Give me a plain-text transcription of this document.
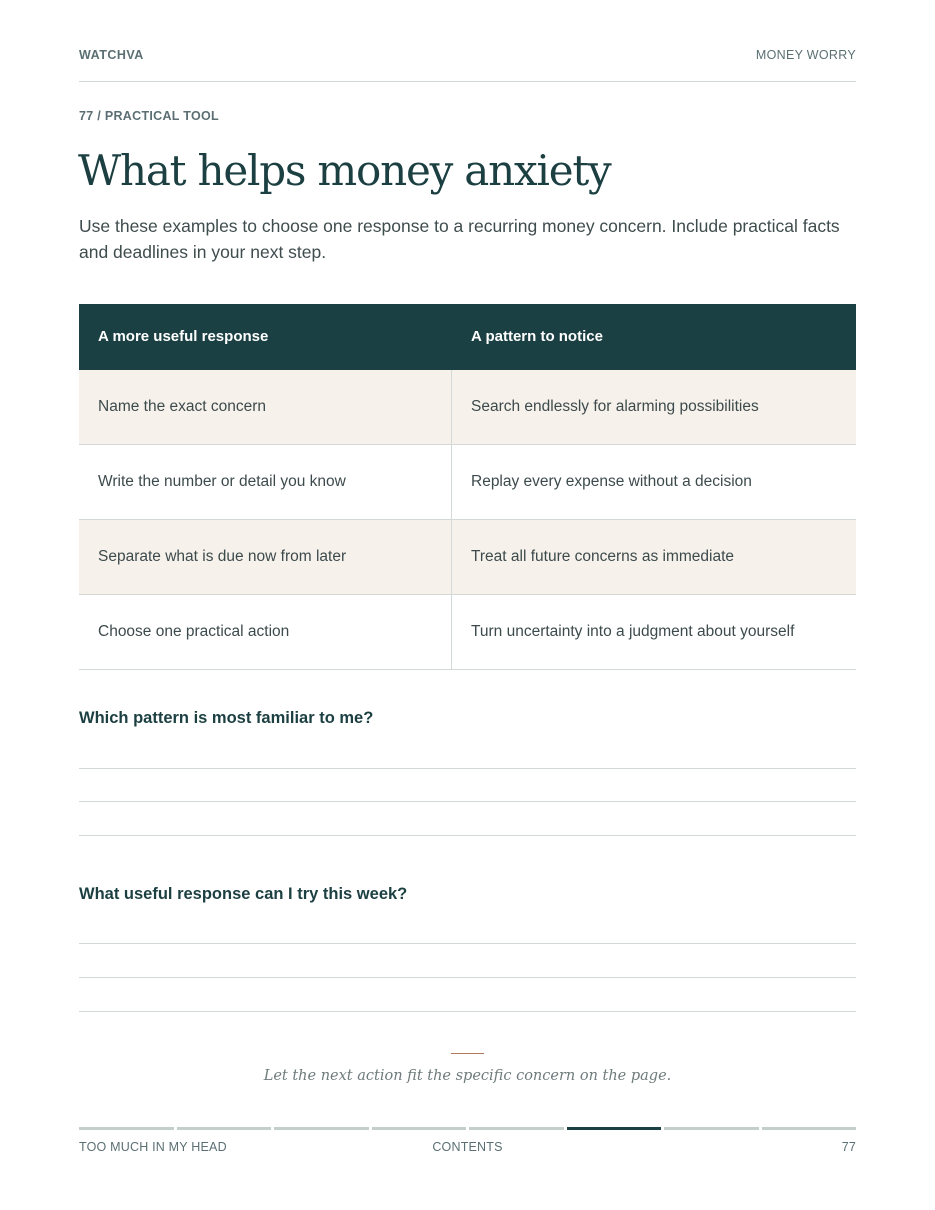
WATCHVA	MONEY WORRY
77 / PRACTICAL TOOL
What helps money anxiety

Use these examples to choose one response to a recurring money concern. Include practical facts and deadlines in your next step.

A more useful response	A pattern to notice
Name the exact concern	Search endlessly for alarming possibilities
Write the number or detail you know	Replay every expense without a decision
Separate what is due now from later	Treat all future concerns as immediate
Choose one practical action	Turn uncertainty into a judgment about yourself
Which pattern is most familiar to me?
What useful response can I try this week?

Let the next action fit the specific concern on the page.

TOO MUCH IN MY HEAD	CONTENTS	77
